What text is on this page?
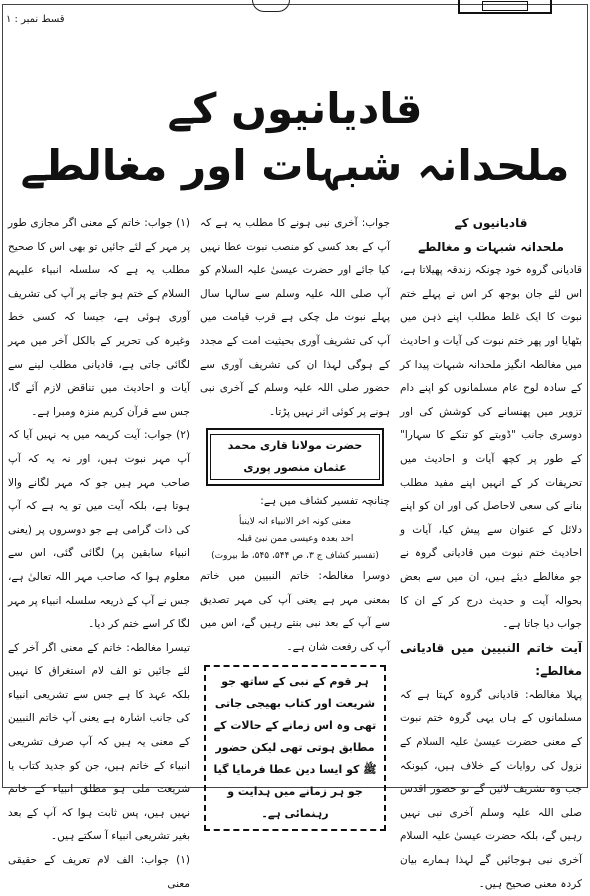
قسط نمبر : ۱
قادیانیوں کے
ملحدانہ شبہات اور مغالطے

قادیانیوں کے

ملحدانہ شبہات و مغالطے

قادیانی گروہ خود چونکہ زندقہ پھیلاتا ہے، اس لئے جان بوجھ کر اس نے پہلے ختم نبوت کا ایک غلط مطلب اپنے ذہن میں بٹھایا اور پھر ختم نبوت کی آیات و احادیث میں مغالطہ انگیز ملحدانہ شبہات پیدا کر کے سادہ لوح عام مسلمانوں کو اپنے دام تزویر میں پھنسانے کی کوشش کی اور دوسری جانب "ڈوبتے کو تنکے کا سہارا" کے طور پر کچھ آیات و احادیث میں تحریفات کر کے انہیں اپنے مفید مطلب بنانے کی سعی لاحاصل کی اور ان کو اپنے دلائل کے عنوان سے پیش کیا، آیات و احادیث ختم نبوت میں قادیانی گروہ نے جو مغالطے دیئے ہیں، ان میں سے بعض بحوالہ آیت و حدیث درج کر کے ان کا جواب دیا جاتا ہے۔

آیت خاتم النبیین میں قادیانی مغالطے:

پہلا مغالطہ: قادیانی گروہ کہتا ہے کہ مسلمانوں کے ہاں یہی گروہ ختم نبوت کے معنی حضرت عیسیٰ علیہ السلام کے نزول کی روایات کے خلاف ہیں، کیونکہ جب وہ تشریف لائیں گے تو حضور اقدس صلی اللہ علیہ وسلم آخری نبی نہیں رہیں گے، بلکہ حضرت عیسیٰ علیہ السلام آخری نبی ہوجائیں گے لہذا ہمارے بیان کردہ معنی صحیح ہیں۔

جواب: آخری نبی ہونے کا مطلب یہ ہے کہ آپ کے بعد کسی کو منصب نبوت عطا نہیں کیا جائے اور حضرت عیسیٰ علیہ السلام کو آپ صلی اللہ علیہ وسلم سے سالہا سال پہلے نبوت مل چکی ہے قرب قیامت میں آپ کی تشریف آوری بحیثیت امت کے مجدد کے ہوگی لہذا ان کی تشریف آوری سے حضور صلی اللہ علیہ وسلم کے آخری نبی ہونے پر کوئی اثر نہیں پڑتا۔

حضرت مولانا قاری محمد عثمان منصور پوری

چنانچہ تفسیر کشاف میں ہے:

معنی کونہ اخر الانبیاء انہ لاینبأ

احد بعدہ وعیسی ممن نبئ قبلہ

(تفسیر کشاف ج ۳، ص ۵۴۴، ۵۴۵، ط بیروت)

دوسرا مغالطہ: خاتم النبیین میں خاتم بمعنی مہر ہے یعنی آپ کی مہر تصدیق سے آپ کے بعد نبی بنتے رہیں گے، اس میں آپ کی رفعت شان ہے۔

ہر قوم کے نبی کے ساتھ جو شریعت اور کتاب بھیجی جاتی تھی وہ اس زمانے کے حالات کے مطابق ہوتی تھی لیکن حضور ﷺ کو ایسا دین عطا فرمایا گیا جو ہر زمانے میں ہدایت و رہنمائی ہے۔

(۱) جواب: خاتم کے معنی اگر مجازی طور پر مہر کے لئے جائیں تو بھی اس کا صحیح مطلب یہ ہے کہ سلسلہ انبیاء علیہم السلام کے ختم ہو جانے پر آپ کی تشریف آوری ہوئی ہے، جیسا کہ کسی خط وغیرہ کی تحریر کے بالکل آخر میں مہر لگائی جاتی ہے، قادیانی مطلب لینے سے آیات و احادیث میں تناقض لازم آئے گا، جس سے قرآن کریم منزہ ومبرا ہے۔

(۲) جواب: آیت کریمہ میں یہ نہیں آیا کہ آپ مہر نبوت ہیں، اور نہ یہ کہ آپ صاحب مہر ہیں جو کہ مہر لگانے والا ہوتا ہے، بلکہ آیت میں تو یہ ہے کہ آپ کی ذات گرامی ہے جو دوسروں پر (یعنی انبیاء سابقین پر) لگائی گئی، اس سے معلوم ہوا کہ صاحب مہر اللہ تعالیٰ ہے، جس نے آپ کے ذریعہ سلسلہ انبیاء پر مہر لگا کر اسے ختم کر دیا۔

تیسرا مغالطہ: خاتم کے معنی اگر آخر کے لئے جائیں تو الف لام استغراق کا نہیں بلکہ عہد کا ہے جس سے تشریعی انبیاء کی جانب اشارہ ہے یعنی آپ خاتم النبیین کے معنی یہ ہیں کہ آپ صرف تشریعی انبیاء کے خاتم ہیں، جن کو جدید کتاب یا شریعت ملی ہو مطلق انبیاء کے خاتم نہیں ہیں، پس ثابت ہوا کہ آپ کے بعد بغیر تشریعی انبیاء آ سکتے ہیں۔

(۱) جواب: الف لام تعریف کے حقیقی معنی
